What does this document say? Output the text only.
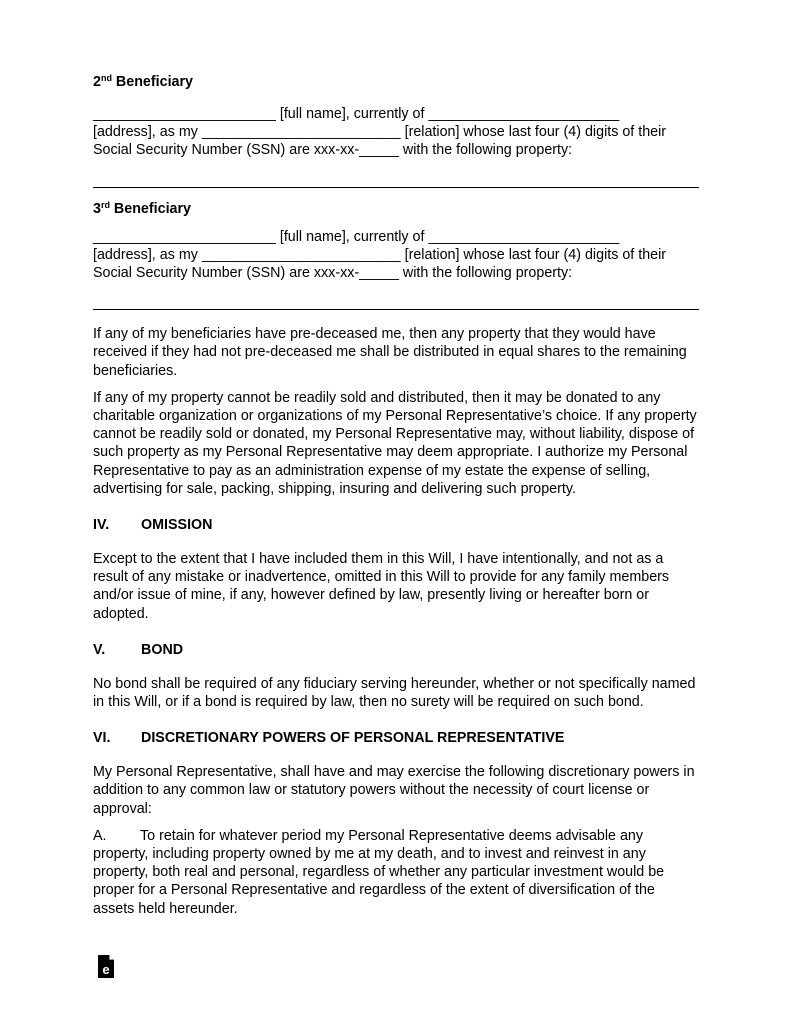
2nd Beneficiary

_______________________ [full name], currently of ________________________

[address], as my _________________________ [relation] whose last four (4) digits of their

Social Security Number (SSN) are xxx-xx-_____ with the following property:

3rd Beneficiary

_______________________ [full name], currently of ________________________

[address], as my _________________________ [relation] whose last four (4) digits of their

Social Security Number (SSN) are xxx-xx-_____ with the following property:

If any of my beneficiaries have pre-deceased me, then any property that they would have received if they had not pre-deceased me shall be distributed in equal shares to the remaining beneficiaries.

If any of my property cannot be readily sold and distributed, then it may be donated to any charitable organization or organizations of my Personal Representative’s choice. If any property cannot be readily sold or donated, my Personal Representative may, without liability, dispose of such property as my Personal Representative may deem appropriate. I authorize my Personal Representative to pay as an administration expense of my estate the expense of selling, advertising for sale, packing, shipping, insuring and delivering such property.

IV.	OMISSION

Except to the extent that I have included them in this Will, I have intentionally, and not as a result of any mistake or inadvertence, omitted in this Will to provide for any family members and/or issue of mine, if any, however defined by law, presently living or hereafter born or adopted.

V.	BOND

No bond shall be required of any fiduciary serving hereunder, whether or not specifically named in this Will, or if a bond is required by law, then no surety will be required on such bond.

VI.	DISCRETIONARY POWERS OF PERSONAL REPRESENTATIVE

My Personal Representative, shall have and may exercise the following discretionary powers in addition to any common law or statutory powers without the necessity of court license or approval:

A. To retain for whatever period my Personal Representative deems advisable any property, including property owned by me at my death, and to invest and reinvest in any property, both real and personal, regardless of whether any particular investment would be proper for a Personal Representative and regardless of the extent of diversification of the assets held hereunder.

e
